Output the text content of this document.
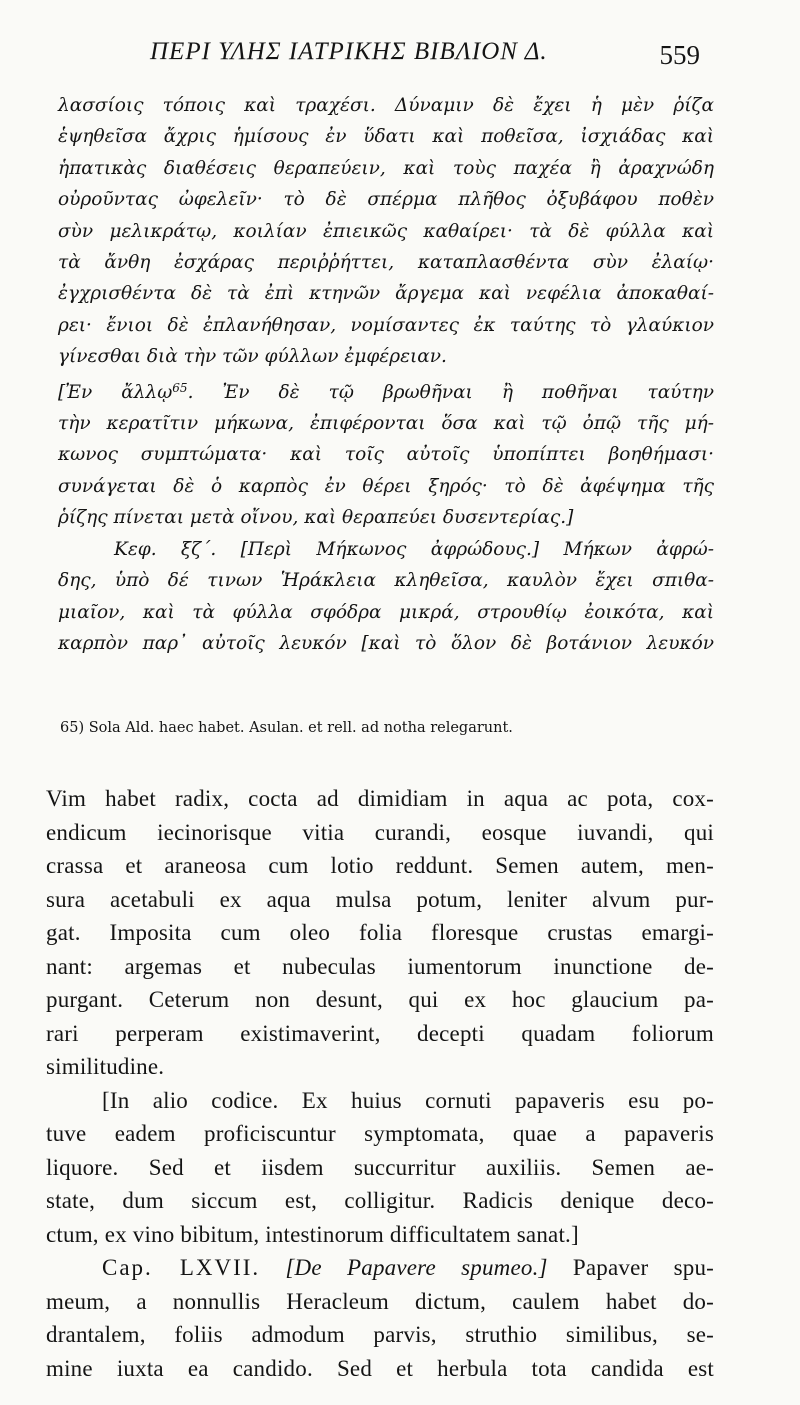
ΠΕΡΙ ΥΛΗΣ ΙΑΤΡΙΚΗΣ ΒΙΒΛΙΟΝ Δ.	559
λασσίοις τόποις καὶ τραχέσι. Δύναμιν δὲ ἔχει ἡ μὲν ῥίζα
ἑψηθεῖσα ἄχρις ἡμίσους ἐν ὕδατι καὶ ποθεῖσα, ἰσχιάδας καὶ
ἡπατικὰς διαθέσεις θεραπεύειν, καὶ τοὺς παχέα ἢ ἀραχνώδη
οὐροῦντας ὠφελεῖν· τὸ δὲ σπέρμα πλῆθος ὀξυβάφου ποθὲν
σὺν μελικράτῳ, κοιλίαν ἐπιεικῶς καθαίρει· τὰ δὲ φύλλα καὶ
τὰ ἄνθη ἐσχάρας περιῤῥήττει, καταπλασθέντα σὺν ἐλαίῳ·
ἐγχρισθέντα δὲ τὰ ἐπὶ κτηνῶν ἄργεμα καὶ νεφέλια ἀποκαθαί-
ρει· ἔνιοι δὲ ἐπλανήθησαν, νομίσαντες ἐκ ταύτης τὸ γλαύκιον
γίνεσθαι διὰ τὴν τῶν φύλλων ἐμφέρειαν.
[Ἐν ἄλλῳ$^{65}$. Ἐν δὲ τῷ βρωθῆναι ἢ ποθῆναι ταύτην
τὴν κερατῖτιν μήκωνα, ἐπιφέρονται ὅσα καὶ τῷ ὀπῷ τῆς μή-
κωνος συμπτώματα· καὶ τοῖς αὐτοῖς ὑποπίπτει βοηθήμασι·
συνάγεται δὲ ὁ καρπὸς ἐν θέρει ξηρός· τὸ δὲ ἀφέψημα τῆς
ῥίζης πίνεται μετὰ οἴνου, καὶ θεραπεύει δυσεντερίας.]
Κεφ. ξζ΄. [Περὶ Μήκωνος ἀφρώδους.] Μήκων ἀφρώ-
δης, ὑπὸ δέ τινων Ἡράκλεια κληθεῖσα, καυλὸν ἔχει σπιθα-
μιαῖον, καὶ τὰ φύλλα σφόδρα μικρά, στρουθίῳ ἐοικότα, καὶ
καρπὸν παρ᾽ αὐτοῖς λευκόν [καὶ τὸ ὅλον δὲ βοτάνιον λευκόν
65) Sola Ald. haec habet. Asulan. et rell. ad notha relegarunt.
Vim habet radix, cocta ad dimidiam in aqua ac pota, cox-
endicum iecinorisque vitia curandi, eosque iuvandi, qui
crassa et araneosa cum lotio reddunt. Semen autem, men-
sura acetabuli ex aqua mulsa potum, leniter alvum pur-
gat. Imposita cum oleo folia floresque crustas emargi-
nant: argemas et nubeculas iumentorum inunctione de-
purgant. Ceterum non desunt, qui ex hoc glaucium pa-
rari perperam existimaverint, decepti quadam foliorum
similitudine.
[In alio codice. Ex huius cornuti papaveris esu po-
tuve eadem proficiscuntur symptomata, quae a papaveris
liquore. Sed et iisdem succurritur auxiliis. Semen ae-
state, dum siccum est, colligitur. Radicis denique deco-
ctum, ex vino bibitum, intestinorum difficultatem sanat.]
Cap. LXVII. [De Papavere spumeo.] Papaver spu-
meum, a nonnullis Heracleum dictum, caulem habet do-
drantalem, foliis admodum parvis, struthio similibus, se-
mine iuxta ea candido. Sed et herbula tota candida est
